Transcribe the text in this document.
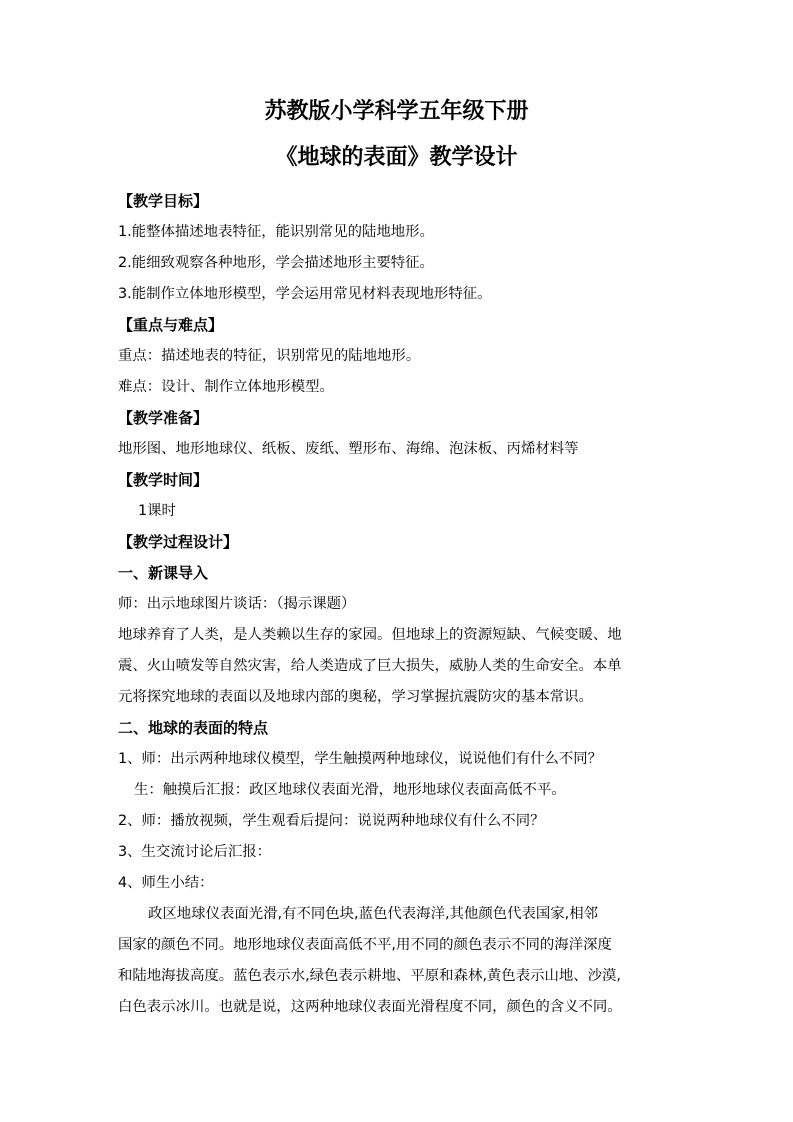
苏教版小学科学五年级下册
《地球的表面》教学设计
【教学目标】
1.能整体描述地表特征，能识别常见的陆地地形。
2.能细致观察各种地形，学会描述地形主要特征。
3.能制作立体地形模型，学会运用常见材料表现地形特征。
【重点与难点】
重点：描述地表的特征，识别常见的陆地地形。
难点：设计、制作立体地形模型。
【教学准备】
地形图、地形地球仪、纸板、废纸、塑形布、海绵、泡沫板、丙烯材料等
【教学时间】
1课时
【教学过程设计】
一、新课导入
师：出示地球图片谈话：（揭示课题）
地球养育了人类，是人类赖以生存的家园。但地球上的资源短缺、气候变暖、地
震、火山喷发等自然灾害，给人类造成了巨大损失，威胁人类的生命安全。本单
元将探究地球的表面以及地球内部的奥秘，学习掌握抗震防灾的基本常识。
二、地球的表面的特点
1、师：出示两种地球仪模型，学生触摸两种地球仪，说说他们有什么不同？
生：触摸后汇报：政区地球仪表面光滑，地形地球仪表面高低不平。
2、师：播放视频，学生观看后提问：说说两种地球仪有什么不同？
3、生交流讨论后汇报：
4、师生小结：
政区地球仪表面光滑,有不同色块,蓝色代表海洋,其他颜色代表国家,相邻
国家的颜色不同。地形地球仪表面高低不平,用不同的颜色表示不同的海洋深度
和陆地海拔高度。蓝色表示水,绿色表示耕地、平原和森林,黄色表示山地、沙漠,
白色表示冰川。也就是说，这两种地球仪表面光滑程度不同，颜色的含义不同。
